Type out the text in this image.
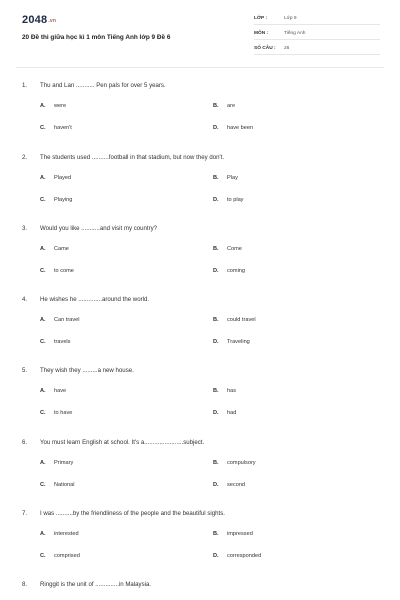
$2048^{.vn}$
20 Đề thi giữa học kì 1 môn Tiếng Anh lớp 9 Đề 6
LỚP :	Lớp 9
MÔN :	Tiếng Anh
SỐ CÂU : 26
1. Thu and Lan ........... Pen pals for over 5 years.
A. were	B. are
C. haven't	D. have been
2. The students used ..........football in that stadium, but now they don't.
A. Played	B. Play
C. Playing	D. to play
3. Would you like ...........and visit my country?
A. Came	B. Come
C. to come	D. coming
4. He wishes he ..............around the world.
A. Can travel	B. could travel
C. travels	D. Traveling
5. They wish they .........a new house.
A. have	B. has
C. to have	D. had
6. You must learn English at school. It's a.......................subject.
A. Primary	B. compulsory
C. National	D. second
7. I was ..........by the friendliness of the people and the beautiful sights.
A. interested	B. impressed
C. comprised	D. corresponded
8. Ringgit is the unit of ..............in Malaysia.
